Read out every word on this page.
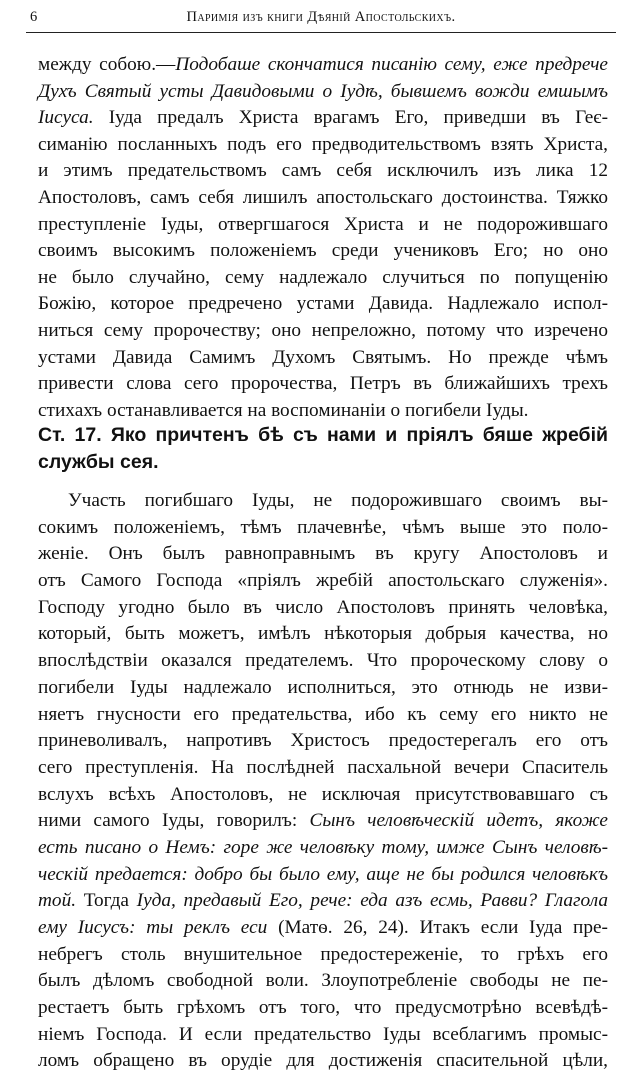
6	Паримія изъ книги Дѣяній Апостольскихъ.
между собою.—Подобаше скончатися писанію сему, еже предрече
Духъ Святый усты Давидовыми о Іудѣ, бывшемъ вожди емшымъ
Іисуса. Іуда предалъ Христа врагамъ Его, приведши въ Геє-
симанію посланныхъ подъ его предводительствомъ взять Христа,
и этимъ предательствомъ самъ себя исключилъ изъ лика 12
Апостоловъ, самъ себя лишилъ апостольскаго достоинства. Тяжко
преступленіе Іуды, отвергшагося Христа и не подорожившаго
своимъ высокимъ положеніемъ среди учениковъ Его; но оно
не было случайно, сему надлежало случиться по попущенію
Божію, которое предречено устами Давида. Надлежало испол-
ниться сему пророчеству; оно непреложно, потому что изречено
устами Давида Самимъ Духомъ Святымъ. Но прежде чѣмъ
привести слова сего пророчества, Петръ въ ближайшихъ трехъ
стихахъ останавливается на воспоминаніи о погибели Іуды.
Ст. 17. Яко причтенъ бѣ съ нами и пріялъ бяше жребій
службы сея.
Участь погибшаго Іуды, не подорожившаго своимъ вы-
сокимъ положеніемъ, тѣмъ плачевнѣе, чѣмъ выше это поло-
женіе. Онъ былъ равноправнымъ въ кругу Апостоловъ и
отъ Самого Господа «пріялъ жребій апостольскаго служенія».
Господу угодно было въ число Апостоловъ принять человѣка,
который, быть можетъ, имѣлъ нѣкоторыя добрыя качества, но
впослѣдствіи оказался предателемъ. Что пророческому слову о
погибели Іуды надлежало исполниться, это отнюдь не изви-
няетъ гнусности его предательства, ибо къ сему его никто не
приневоливалъ, напротивъ Христосъ предостерегалъ его отъ
сего преступленія. На послѣдней пасхальной вечери Спаситель
вслухъ всѣхъ Апостоловъ, не исключая присутствовавшаго съ
ними самого Іуды, говорилъ: Сынъ человѣческій идетъ, якоже
есть писано о Немъ: горе же человѣку тому, имже Сынъ человѣ-
ческій предается: добро бы было ему, аще не бы родился человѣкъ
той. Тогда Іуда, предавый Его, рече: еда азъ есмь, Равви? Глагола
ему Іисусъ: ты реклъ еси (Матѳ. 26, 24). Итакъ если Іуда пре-
небрегъ столь внушительное предостереженіе, то грѣхъ его
былъ дѣломъ свободной воли. Злоупотребленіе свободы не пе-
рестаетъ быть грѣхомъ отъ того, что предусмотрѣно всевѣдѣ-
ніемъ Господа. И если предательство Іуды всеблагимъ промыс-
ломъ обращено въ орудіе для достиженія спасительной цѣли,
